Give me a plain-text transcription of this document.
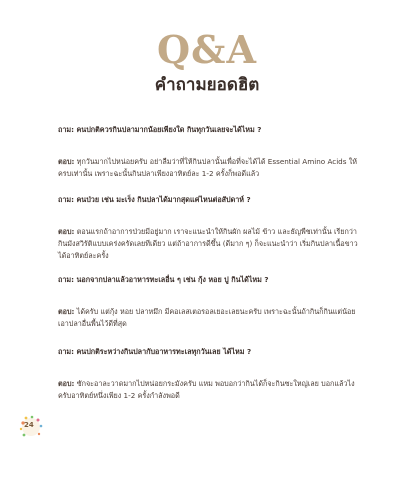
Q&A
คำถามยอดฮิต
ถาม: คนปกติควรกินปลามากน้อยเพียงใด กินทุกวันเลยจะได้ไหม ?
ตอบ: ทุกวันมากไปหน่อยครับ อย่าลืมว่าที่ให้กินปลานั้นเพื่อที่จะได้ได้ Essential Amino Acids ให้ครบเท่านั้น เพราะฉะนั้นกินปลาเพียงอาทิตย์ละ 1-2 ครั้งก็พอดีแล้ว
ถาม: คนป่วย เช่น มะเร็ง กินปลาได้มากสุดแค่ไหนต่อสัปดาห์ ?
ตอบ: ตอนแรกถ้าอาการป่วยมีอยู่มาก เราจะแนะนำให้กินผัก ผลไม้ ข้าว และธัญพืชเท่านั้น เรียกว่า กินมังสวิรัติแบบเคร่งครัดเลยทีเดียว แต่ถ้าอาการดีขึ้น (ดีมาก ๆ) ก็จะแนะนำว่า เริ่มกินปลาเนื้อขาวได้อาทิตย์ละครั้ง
ถาม: นอกจากปลาแล้วอาหารทะเลอื่น ๆ เช่น กุ้ง หอย ปู กินได้ไหม ?
ตอบ: ได้ครับ แต่กุ้ง หอย ปลาหมึก มีคอเลสเตอรอลเยอะเลยนะครับ เพราะฉะนั้นถ้ากินก็กินแต่น้อย เอาปลาอื่นพื้นไว้ดีที่สุด
ถาม: คนปกติระหว่างกินปลากับอาหารทะเลทุกวันเลย ได้ไหม ?
ตอบ: ซักจะอาละวาดมากไปหน่อยกระมังครับ แหม พอบอกว่ากินได้ก็จะกินซะใหญ่เลย บอกแล้วไงครับอาทิตย์หนึ่งเพียง 1-2 ครั้งกำลังพอดี
24
